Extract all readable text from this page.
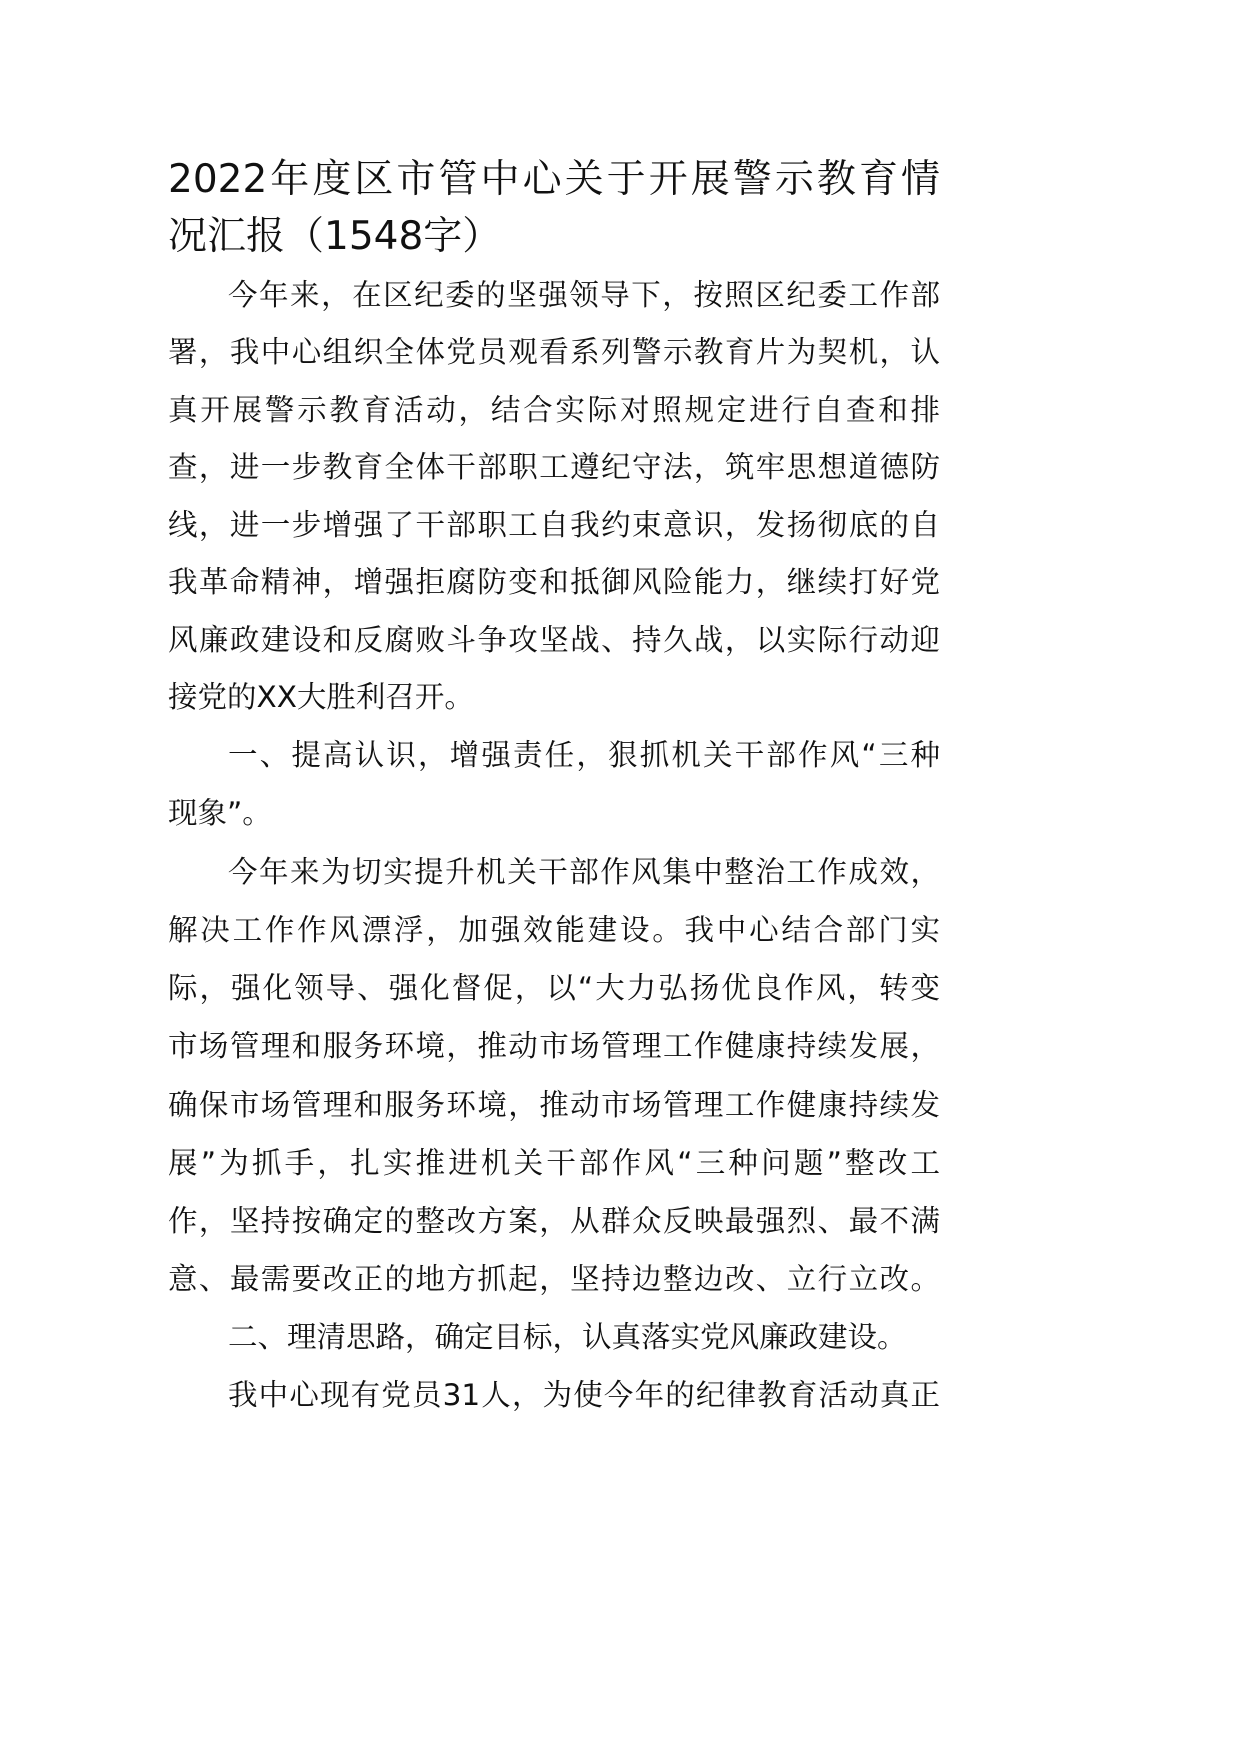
2022年度区市管中心关于开展警示教育情
况汇报（1548字）
今年来，在区纪委的坚强领导下，按照区纪委工作部
署，我中心组织全体党员观看系列警示教育片为契机，认
真开展警示教育活动，结合实际对照规定进行自查和排
查，进一步教育全体干部职工遵纪守法，筑牢思想道德防
线，进一步增强了干部职工自我约束意识，发扬彻底的自
我革命精神，增强拒腐防变和抵御风险能力，继续打好党
风廉政建设和反腐败斗争攻坚战、持久战，以实际行动迎
接党的XX大胜利召开。
一、提高认识，增强责任，狠抓机关干部作风“三种
现象”。
今年来为切实提升机关干部作风集中整治工作成效，
解决工作作风漂浮，加强效能建设。我中心结合部门实
际，强化领导、强化督促，以“大力弘扬优良作风，转变
市场管理和服务环境，推动市场管理工作健康持续发展，
确保市场管理和服务环境，推动市场管理工作健康持续发
展”为抓手，扎实推进机关干部作风“三种问题”整改工
作，坚持按确定的整改方案，从群众反映最强烈、最不满
意、最需要改正的地方抓起，坚持边整边改、立行立改。
二、理清思路，确定目标，认真落实党风廉政建设。
我中心现有党员31人，为使今年的纪律教育活动真正
